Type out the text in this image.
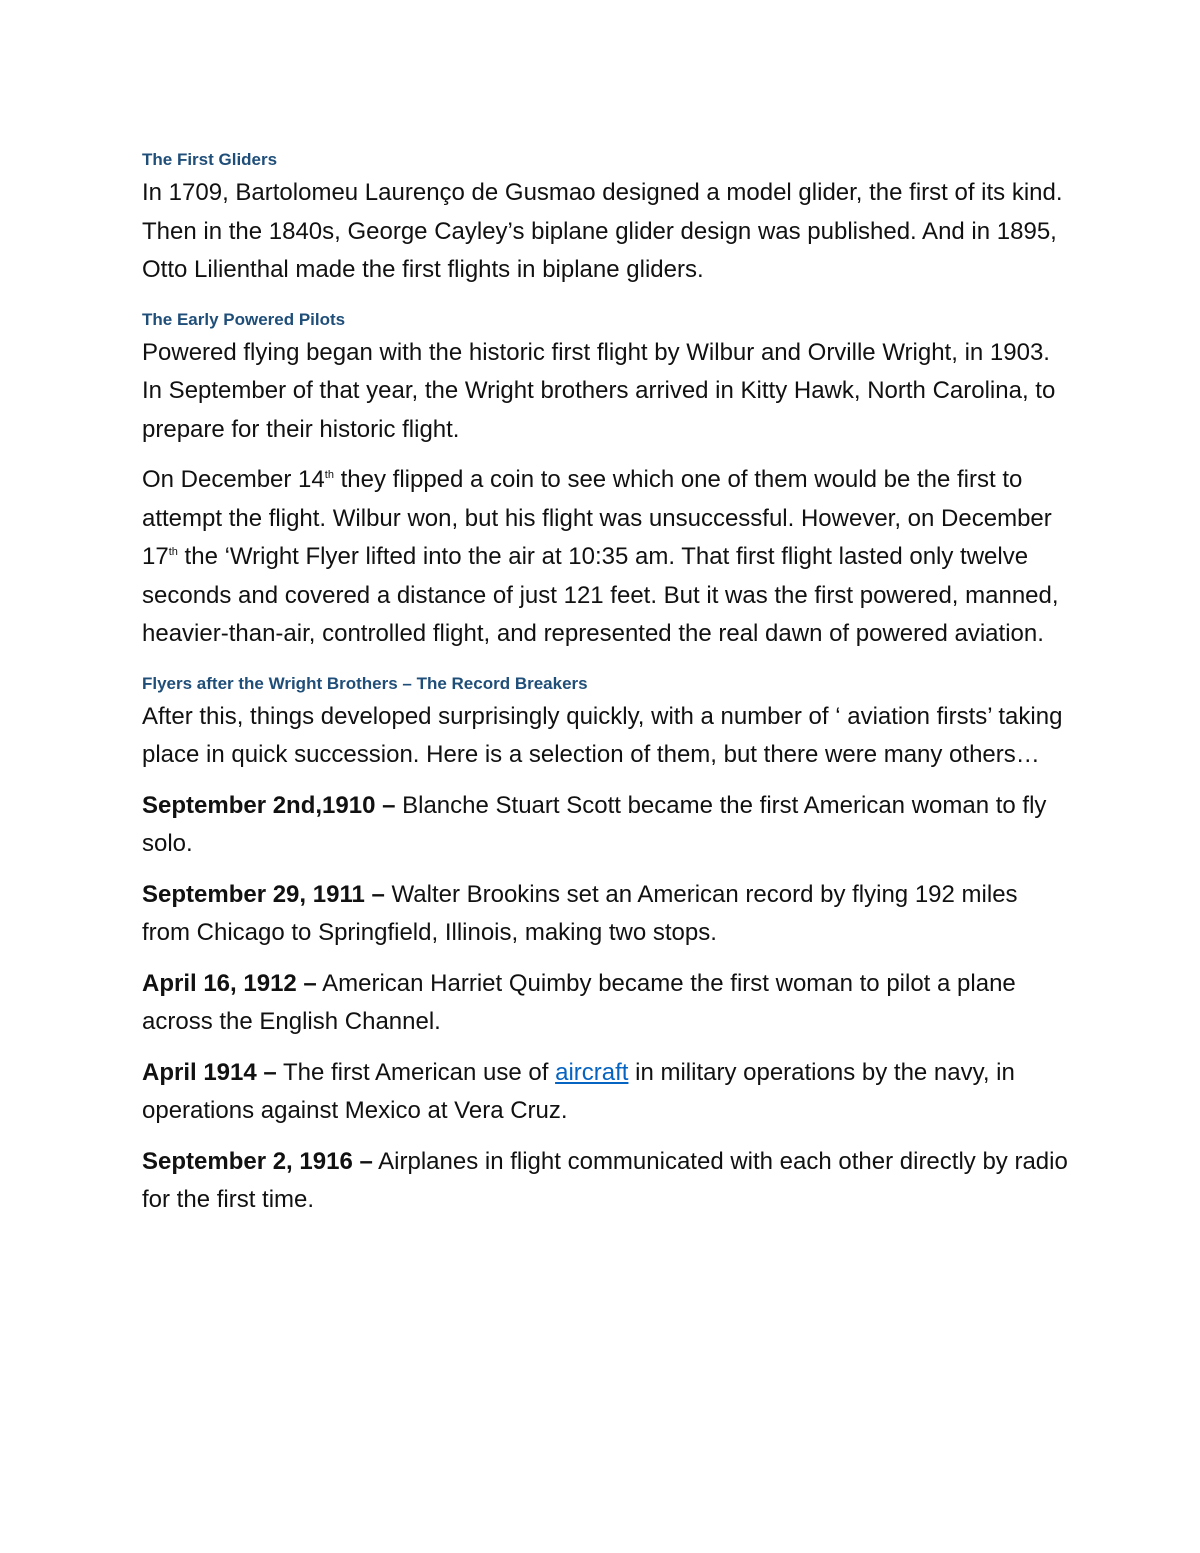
The First Gliders

In 1709, Bartolomeu Laurenço de Gusmao designed a model glider, the first of its kind. Then in the 1840s, George Cayley’s biplane glider design was published. And in 1895, Otto Lilienthal made the first flights in biplane gliders.

The Early Powered Pilots

Powered flying began with the historic first flight by Wilbur and Orville Wright, in 1903. In September of that year, the Wright brothers arrived in Kitty Hawk, North Carolina, to prepare for their historic flight.

On December 14th they flipped a coin to see which one of them would be the first to attempt the flight. Wilbur won, but his flight was unsuccessful. However, on December 17th the ‘Wright Flyer lifted into the air at 10:35 am. That first flight lasted only twelve seconds and covered a distance of just 121 feet. But it was the first powered, manned, heavier-than-air, controlled flight, and represented the real dawn of powered aviation.

Flyers after the Wright Brothers – The Record Breakers

After this, things developed surprisingly quickly, with a number of ‘ aviation firsts’ taking place in quick succession. Here is a selection of them, but there were many others…

September 2nd,1910 – Blanche Stuart Scott became the first American woman to fly solo.

September 29, 1911 – Walter Brookins set an American record by flying 192 miles from Chicago to Springfield, Illinois, making two stops.

April 16, 1912 – American Harriet Quimby became the first woman to pilot a plane across the English Channel.

April 1914 – The first American use of aircraft in military operations by the navy, in operations against Mexico at Vera Cruz.

September 2, 1916 – Airplanes in flight communicated with each other directly by radio for the first time.
